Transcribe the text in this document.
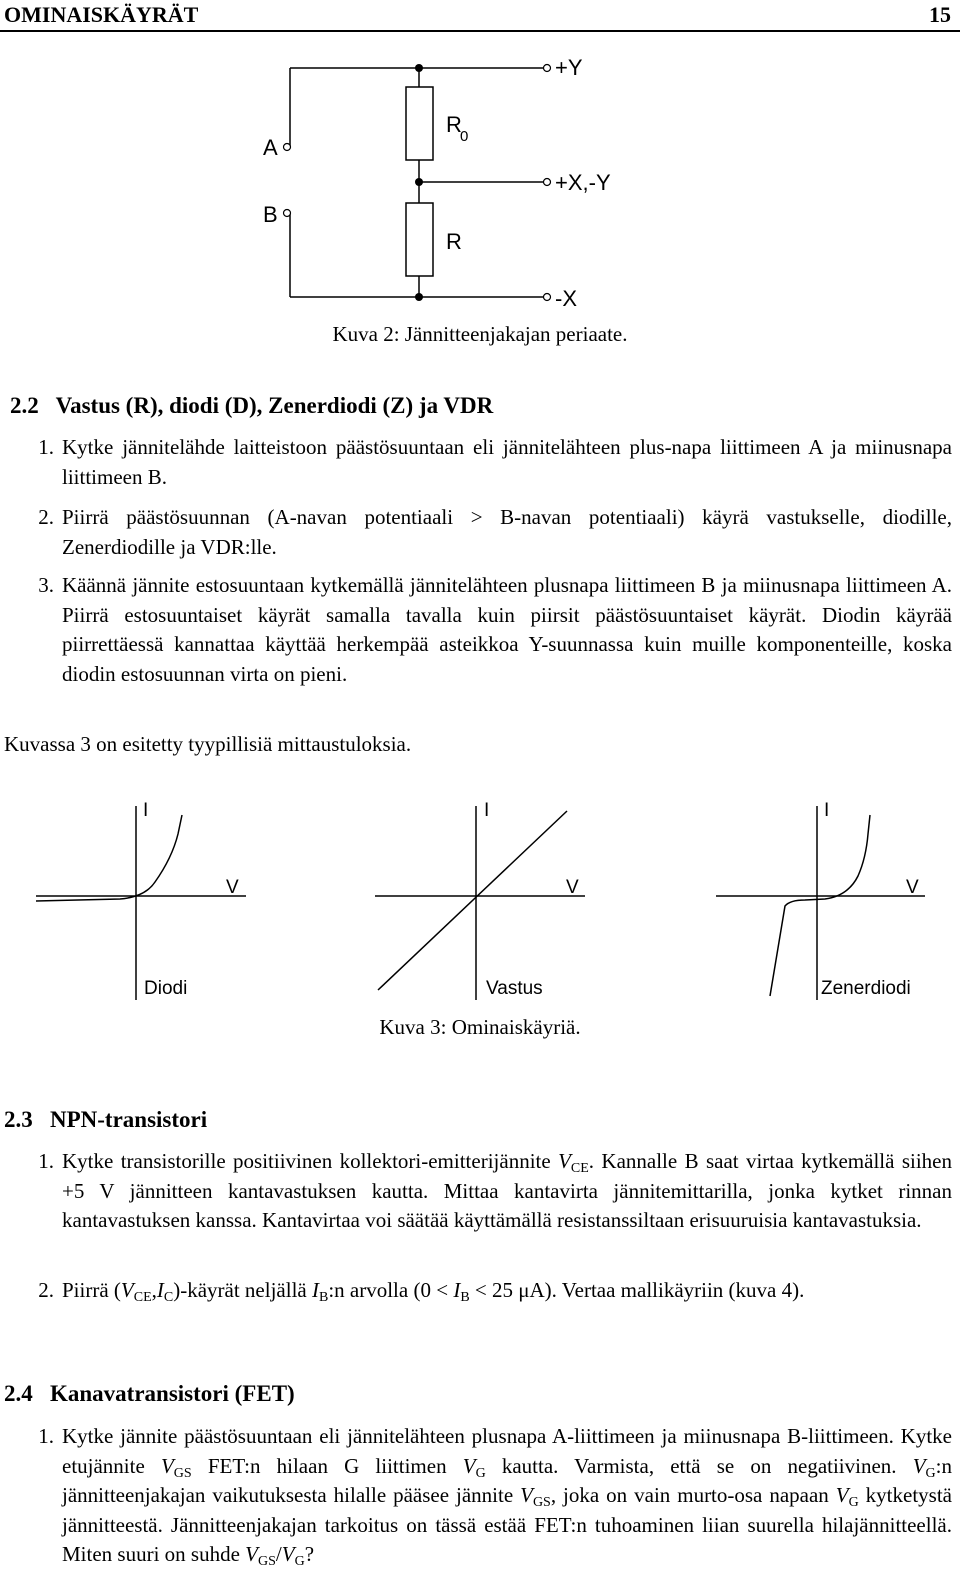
OMINAISKÄYRÄT	15
A
B
R
0
R
+Y
+X,-Y
-X
Kuva 2: Jännitteenjakajan periaate.
2.2   Vastus (R), diodi (D), Zenerdiodi (Z) ja VDR
1. Kytke jännitelähde laitteistoon päästösuuntaan eli jännitelähteen plus-napa liittimeen A ja miinusnapa liittimeen B.
2. Piirrä päästösuunnan (A-navan potentiaali > B-navan potentiaali) käyrä vastukselle, diodille, Zenerdiodille ja VDR:lle.
3. Käännä jännite estosuuntaan kytkemällä jännitelähteen plusnapa liittimeen B ja miinusnapa liittimeen A. Piirrä estosuuntaiset käyrät samalla tavalla kuin piirsit päästösuuntaiset käyrät. Diodin käyrää piirrettäessä kannattaa käyttää herkempää asteikkoa Y-suunnassa kuin muille komponenteille, koska diodin estosuunnan virta on pieni.
Kuvassa 3 on esitetty tyypillisiä mittaustuloksia.
I
V
Diodi
I
V
Vastus
I
V
Zenerdiodi
Kuva 3: Ominaiskäyriä.
2.3   NPN-transistori
1. Kytke transistorille positiivinen kollektori-emitterijännite $V_{CE}$. Kannalle B saat virtaa kytkemällä siihen +5 V jännitteen kantavastuksen kautta. Mittaa kantavirta jännitemittarilla, jonka kytket rinnan kantavastuksen kanssa. Kantavirtaa voi säätää käyttämällä resistanssiltaan erisuuruisia kantavastuksia.
2. Piirrä $(V_{CE},I_C)$-käyrät neljällä $I_B:n$ arvolla ($0 < I_B < 25$ μA). Vertaa mallikäyriin (kuva 4).
2.4   Kanavatransistori (FET)
1. Kytke jännite päästösuuntaan eli jännitelähteen plusnapa A-liittimeen ja miinusnapa B-liittimeen. Kytke etujännite $V_{GS}$ FET:n hilaan G liittimen $V_G$ kautta. Varmista, että se on negatiivinen. $V_G:n$ jännitteenjakajan vaikutuksesta hilalle pääsee jännite $V_{GS}$, joka on vain murto-osa napaan $V_G$ kytketystä jännitteestä. Jännitteenjakajan tarkoitus on tässä estää FET:n tuhoaminen liian suurella hilajännitteellä. Miten suuri on suhde $V_{GS}/V_G$?
